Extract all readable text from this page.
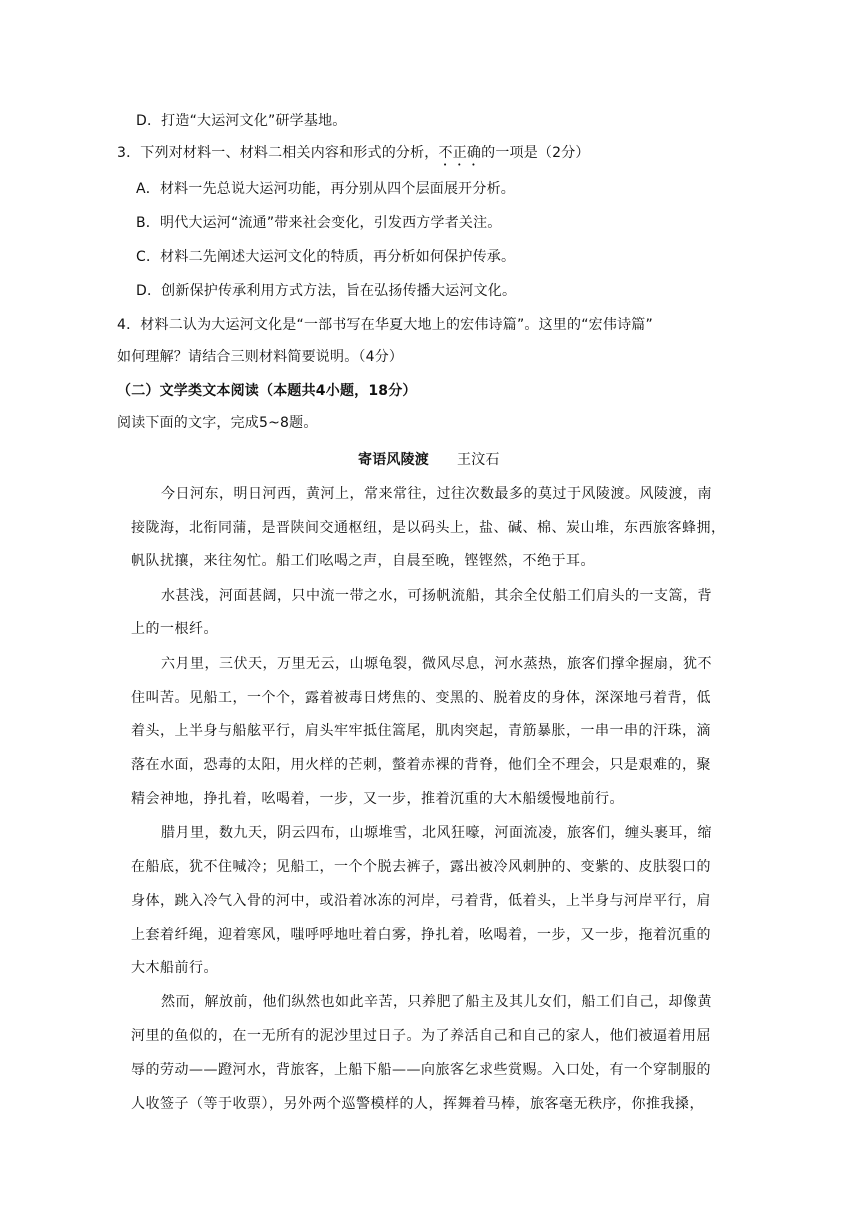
D．打造“大运河文化”研学基地。
3．下列对材料一、材料二相关内容和形式的分析，不正确的一项是（2分）
A．材料一先总说大运河功能，再分别从四个层面展开分析。
B．明代大运河“流通”带来社会变化，引发西方学者关注。
C．材料二先阐述大运河文化的特质，再分析如何保护传承。
D．创新保护传承利用方式方法，旨在弘扬传播大运河文化。
4．材料二认为大运河文化是“一部书写在华夏大地上的宏伟诗篇”。这里的“宏伟诗篇”
如何理解？请结合三则材料简要说明。（4分）
（二）文学类文本阅读（本题共4小题，18分）
阅读下面的文字，完成5~8题。
寄语风陵渡 王汶石
今日河东，明日河西，黄河上，常来常往，过往次数最多的莫过于风陵渡。风陵渡，南
接陇海，北衔同蒲，是晋陕间交通枢纽，是以码头上，盐、碱、棉、炭山堆，东西旅客蜂拥，
帆队扰攘，来往匆忙。船工们吆喝之声，自晨至晚，铿铿然，不绝于耳。
水甚浅，河面甚阔，只中流一带之水，可扬帆流船，其余全仗船工们肩头的一支篙，背
上的一根纤。
六月里，三伏天，万里无云，山塬龟裂，微风尽息，河水蒸热，旅客们撑伞握扇，犹不
住叫苦。见船工，一个个，露着被毒日烤焦的、变黑的、脱着皮的身体，深深地弓着背，低
着头，上半身与船舷平行，肩头牢牢抵住篙尾，肌肉突起，青筋暴胀，一串一串的汗珠，滴
落在水面，恐毒的太阳，用火样的芒刺，螫着赤裸的背脊，他们全不理会，只是艰难的，聚
精会神地，挣扎着，吆喝着，一步，又一步，推着沉重的大木船缓慢地前行。
腊月里，数九天，阴云四布，山塬堆雪，北风狂嚎，河面流凌，旅客们，缠头裹耳，缩
在船底，犹不住喊冷；见船工，一个个脱去裤子，露出被冷风刺肿的、变紫的、皮肤裂口的
身体，跳入冷气入骨的河中，或沿着冰冻的河岸，弓着背，低着头，上半身与河岸平行，肩
上套着纤绳，迎着寒风，嗤呼呼地吐着白雾，挣扎着，吆喝着，一步，又一步，拖着沉重的
大木船前行。
然而，解放前，他们纵然也如此辛苦，只养肥了船主及其儿女们，船工们自己，却像黄
河里的鱼似的，在一无所有的泥沙里过日子。为了养活自己和自己的家人，他们被逼着用屈
辱的劳动——蹬河水，背旅客，上船下船——向旅客乞求些赏赐。入口处，有一个穿制服的
人收签子（等于收票），另外两个巡警模样的人，挥舞着马棒，旅客毫无秩序，你推我搡，
